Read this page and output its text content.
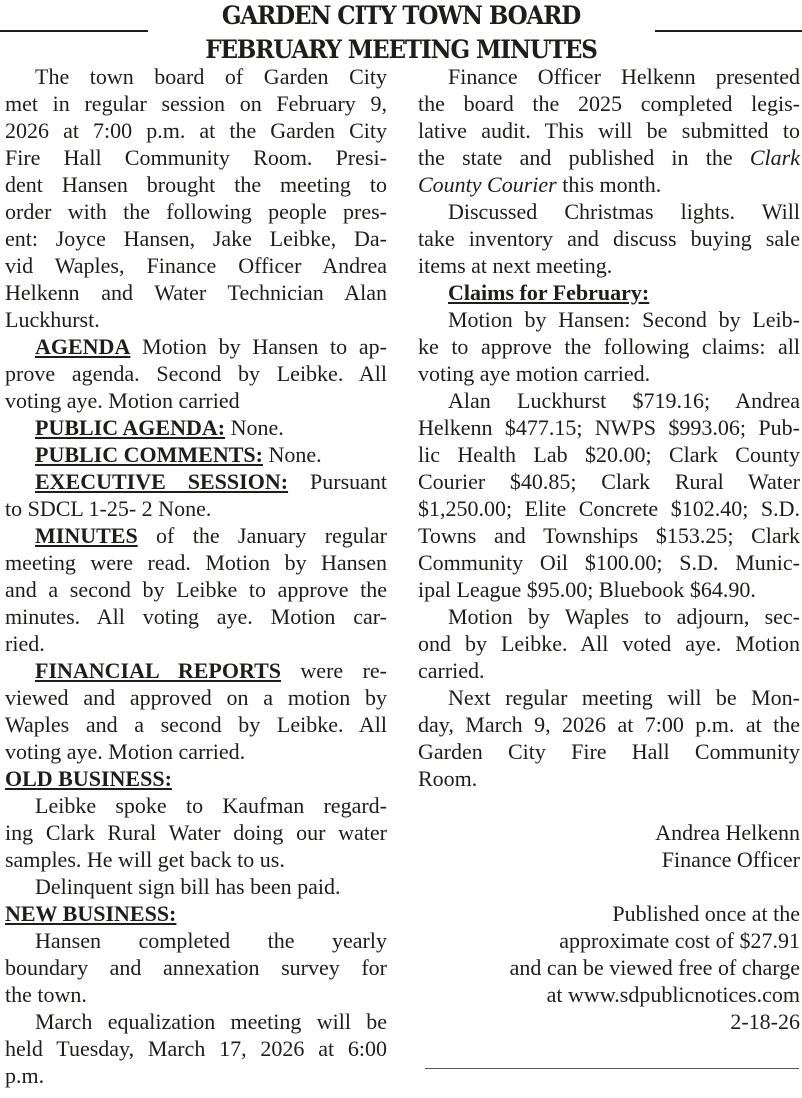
GARDEN CITY TOWN BOARD
FEBRUARY MEETING MINUTES
The town board of Garden City
met in regular session on February 9,
2026 at 7:00 p.m. at the Garden City
Fire Hall Community Room. Presi-
dent Hansen brought the meeting to
order with the following people pres-
ent: Joyce Hansen, Jake Leibke, Da-
vid Waples, Finance Officer Andrea
Helkenn and Water Technician Alan
Luckhurst.
AGENDA Motion by Hansen to ap-
prove agenda. Second by Leibke. All
voting aye. Motion carried
PUBLIC AGENDA: None.
PUBLIC COMMENTS: None.
EXECUTIVE SESSION: Pursuant
to SDCL 1-25- 2 None.
MINUTES of the January regular
meeting were read. Motion by Hansen
and a second by Leibke to approve the
minutes. All voting aye. Motion car-
ried.
FINANCIAL REPORTS were re-
viewed and approved on a motion by
Waples and a second by Leibke. All
voting aye. Motion carried.
OLD BUSINESS:
Leibke spoke to Kaufman regard-
ing Clark Rural Water doing our water
samples. He will get back to us.
Delinquent sign bill has been paid.
NEW BUSINESS:
Hansen completed the yearly
boundary and annexation survey for
the town.
March equalization meeting will be
held Tuesday, March 17, 2026 at 6:00
p.m.
Finance Officer Helkenn presented
the board the 2025 completed legis-
lative audit. This will be submitted to
the state and published in the Clark
County Courier this month.
Discussed Christmas lights. Will
take inventory and discuss buying sale
items at next meeting.
Claims for February:
Motion by Hansen: Second by Leib-
ke to approve the following claims: all
voting aye motion carried.
Alan Luckhurst $719.16; Andrea
Helkenn $477.15; NWPS $993.06; Pub-
lic Health Lab $20.00; Clark County
Courier $40.85; Clark Rural Water
$1,250.00; Elite Concrete $102.40; S.D.
Towns and Townships $153.25; Clark
Community Oil $100.00; S.D. Munic-
ipal League $95.00; Bluebook $64.90.
Motion by Waples to adjourn, sec-
ond by Leibke. All voted aye. Motion
carried.
Next regular meeting will be Mon-
day, March 9, 2026 at 7:00 p.m. at the
Garden City Fire Hall Community
Room.
Andrea Helkenn
Finance Officer
Published once at the
approximate cost of $27.91
and can be viewed free of charge
at www.sdpublicnotices.com
2-18-26
